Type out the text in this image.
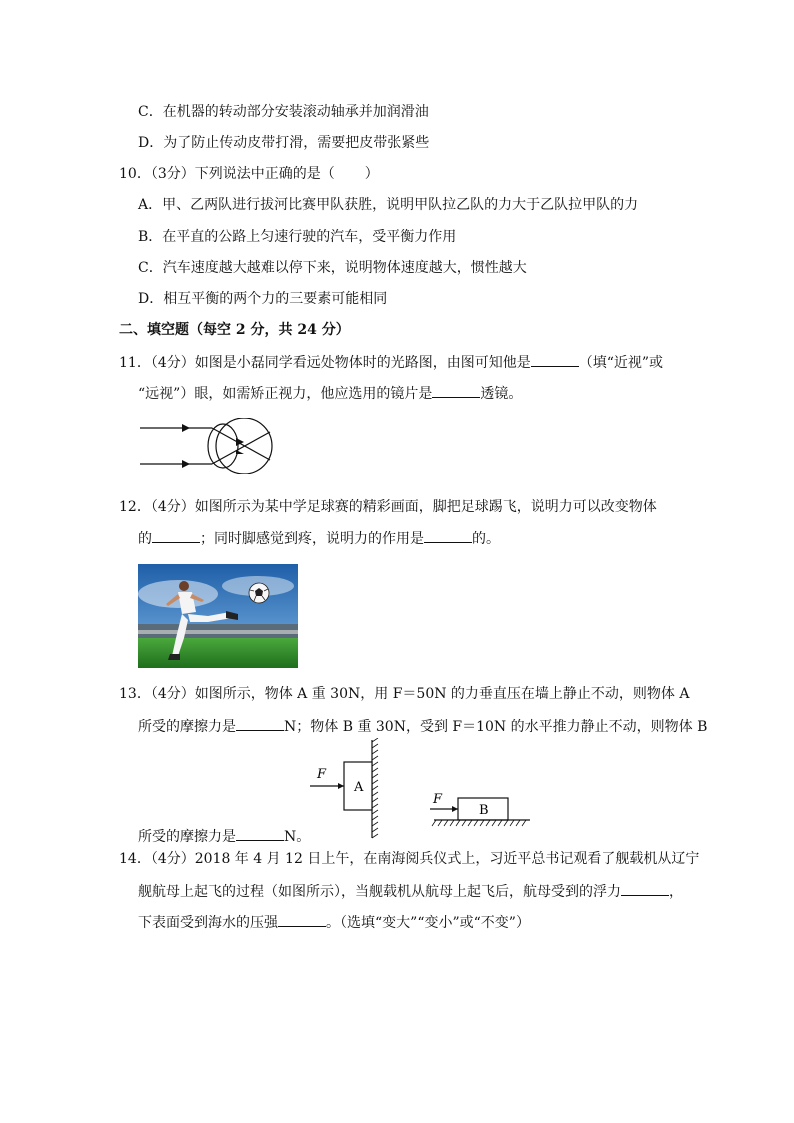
C．在机器的转动部分安装滚动轴承并加润滑油
D．为了防止传动皮带打滑，需要把皮带张紧些
10．（3分）下列说法中正确的是（ ）
A．甲、乙两队进行拔河比赛甲队获胜，说明甲队拉乙队的力大于乙队拉甲队的力
B．在平直的公路上匀速行驶的汽车，受平衡力作用
C．汽车速度越大越难以停下来，说明物体速度越大，惯性越大
D．相互平衡的两个力的三要素可能相同
二、填空题（每空 2 分，共 24 分）
11．（4分）如图是小磊同学看远处物体时的光路图，由图可知他是	（填“近视”或
“远视”）眼，如需矫正视力，他应选用的镜片是	透镜。
12．（4分）如图所示为某中学足球赛的精彩画面，脚把足球踢飞，说明力可以改变物体
的	；同时脚感觉到疼，说明力的作用是	的。
13．（4分）如图所示，物体 A 重 30N，用 F＝50N 的力垂直压在墙上静止不动，则物体 A
所受的摩擦力是	N；物体 B 重 30N，受到 F＝10N 的水平推力静止不动，则物体 B
F
A
F
B
所受的摩擦力是	N。
14．（4分）2018 年 4 月 12 日上午，在南海阅兵仪式上，习近平总书记观看了舰载机从辽宁
舰航母上起飞的过程（如图所示），当舰载机从航母上起飞后，航母受到的浮力	，
下表面受到海水的压强	。（选填“变大”“变小”或“不变”）
